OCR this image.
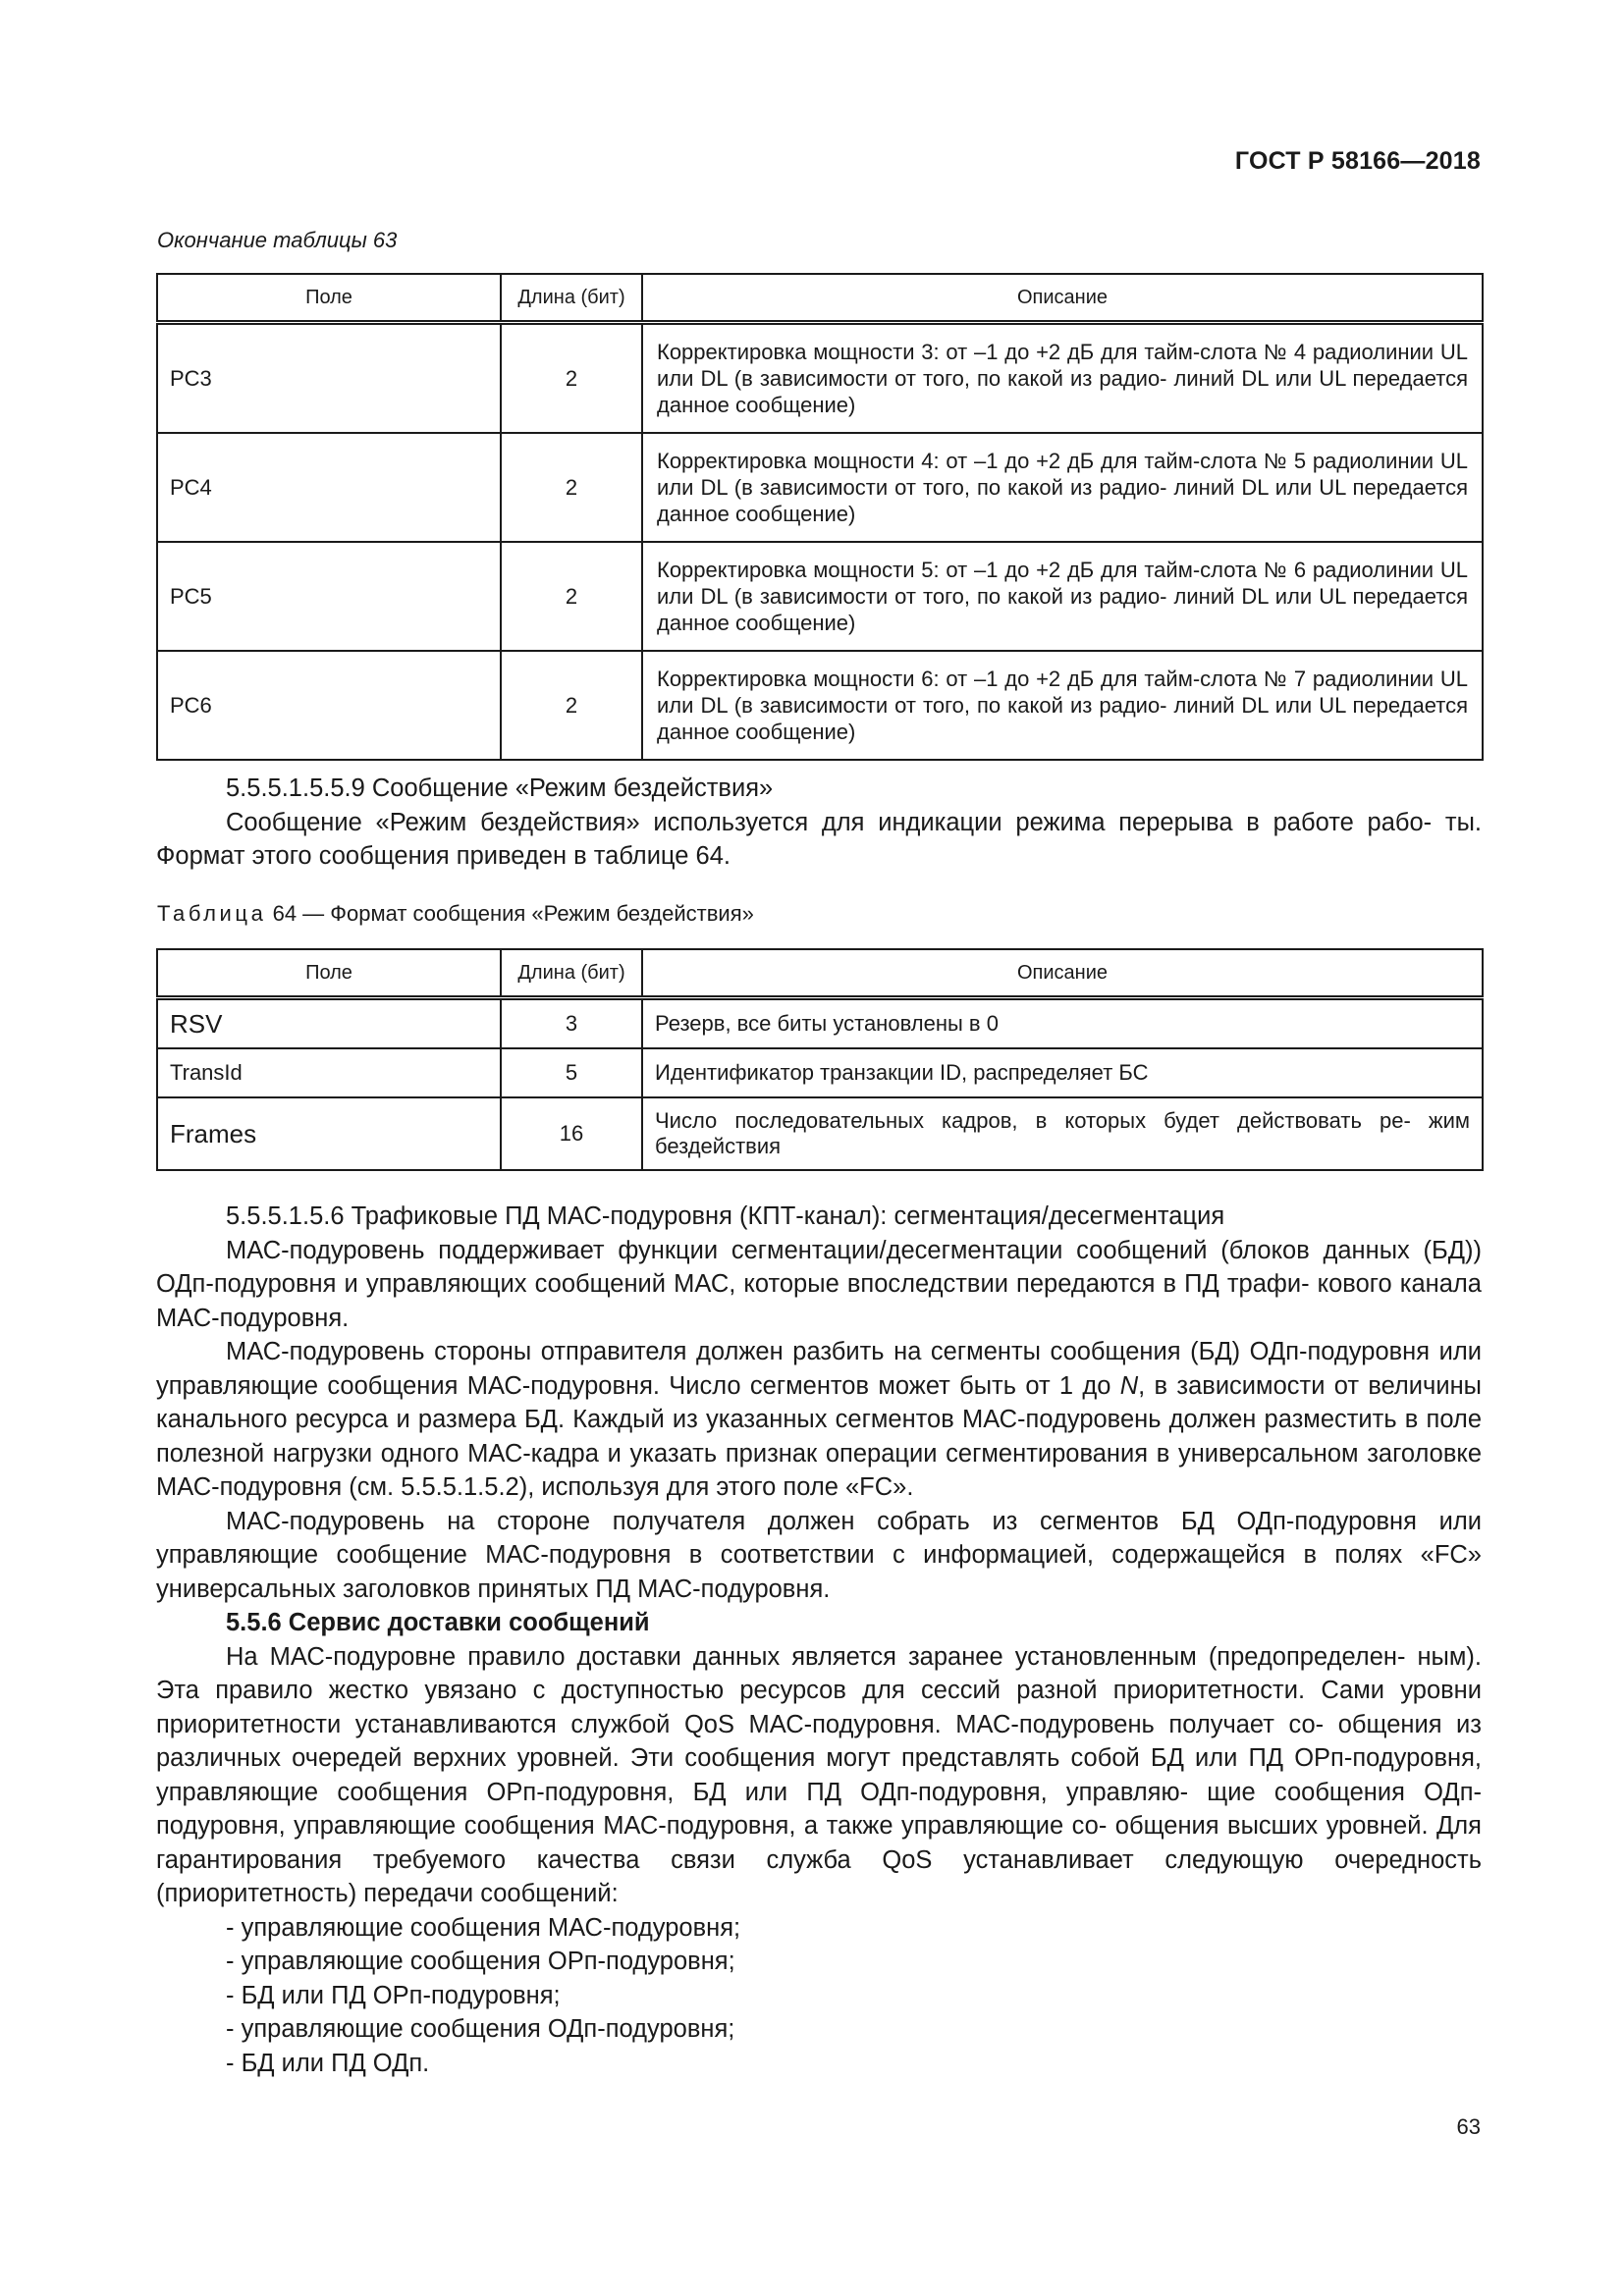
ГОСТ Р 58166—2018
Окончание таблицы 63
Поле	Длина (бит)	Описание
PC3	2	Корректировка мощности 3: от –1 до +2 дБ для тайм-слота № 4 радиолинии UL или DL (в зависимости от того, по какой из радио- линий DL или UL передается данное сообщение)
PC4	2	Корректировка мощности 4: от –1 до +2 дБ для тайм-слота № 5 радиолинии UL или DL (в зависимости от того, по какой из радио- линий DL или UL передается данное сообщение)
PC5	2	Корректировка мощности 5: от –1 до +2 дБ для тайм-слота № 6 радиолинии UL или DL (в зависимости от того, по какой из радио- линий DL или UL передается данное сообщение)
PC6	2	Корректировка мощности 6: от –1 до +2 дБ для тайм-слота № 7 радиолинии UL или DL (в зависимости от того, по какой из радио- линий DL или UL передается данное сообщение)

5.5.5.1.5.5.9 Сообщение «Режим бездействия»

Сообщение «Режим бездействия» используется для индикации режима перерыва в работе рабо- ты. Формат этого сообщения приведен в таблице 64.

Таблица 64 — Формат сообщения «Режим бездействия»
Поле	Длина (бит)	Описание
RSV	3	Резерв, все биты установлены в 0
TransId	5	Идентификатор транзакции ID, распределяет БС
Frames	16	Число последовательных кадров, в которых будет действовать ре- жим бездействия

5.5.5.1.5.6 Трафиковые ПД МАС-подуровня (КПТ-канал): сегментация/десегментация

МАС-подуровень поддерживает функции сегментации/десегментации сообщений (блоков данных (БД)) ОДп-подуровня и управляющих сообщений МАС, которые впоследствии передаются в ПД трафи- кового канала МАС-подуровня.

МАС-подуровень стороны отправителя должен разбить на сегменты сообщения (БД) ОДп-подуровня или управляющие сообщения МАС-подуровня. Число сегментов может быть от 1 до N, в зависимости от величины канального ресурса и размера БД. Каждый из указанных сегментов МАС-подуровень должен разместить в поле полезной нагрузки одного МАС-кадра и указать признак операции сегментирования в универсальном заголовке МАС-подуровня (см. 5.5.5.1.5.2), используя для этого поле «FC».

МАС-подуровень на стороне получателя должен собрать из сегментов БД ОДп-подуровня или управляющие сообщение МАС-подуровня в соответствии с информацией, содержащейся в полях «FC» универсальных заголовков принятых ПД МАС-подуровня.

5.5.6 Сервис доставки сообщений

На МАС-подуровне правило доставки данных является заранее установленным (предопределен- ным). Эта правило жестко увязано с доступностью ресурсов для сессий разной приоритетности. Сами уровни приоритетности устанавливаются службой QoS МАС-подуровня. МАС-подуровень получает со- общения из различных очередей верхних уровней. Эти сообщения могут представлять собой БД или ПД ОРп-подуровня, управляющие сообщения ОРп-подуровня, БД или ПД ОДп-подуровня, управляю- щие сообщения ОДп-подуровня, управляющие сообщения МАС-подуровня, а также управляющие со- общения высших уровней. Для гарантирования требуемого качества связи служба QoS устанавливает следующую очередность (приоритетность) передачи сообщений:

- управляющие сообщения МАС-подуровня;
- управляющие сообщения ОРп-подуровня;
- БД или ПД ОРп-подуровня;
- управляющие сообщения ОДп-подуровня;
- БД или ПД ОДп.
63
